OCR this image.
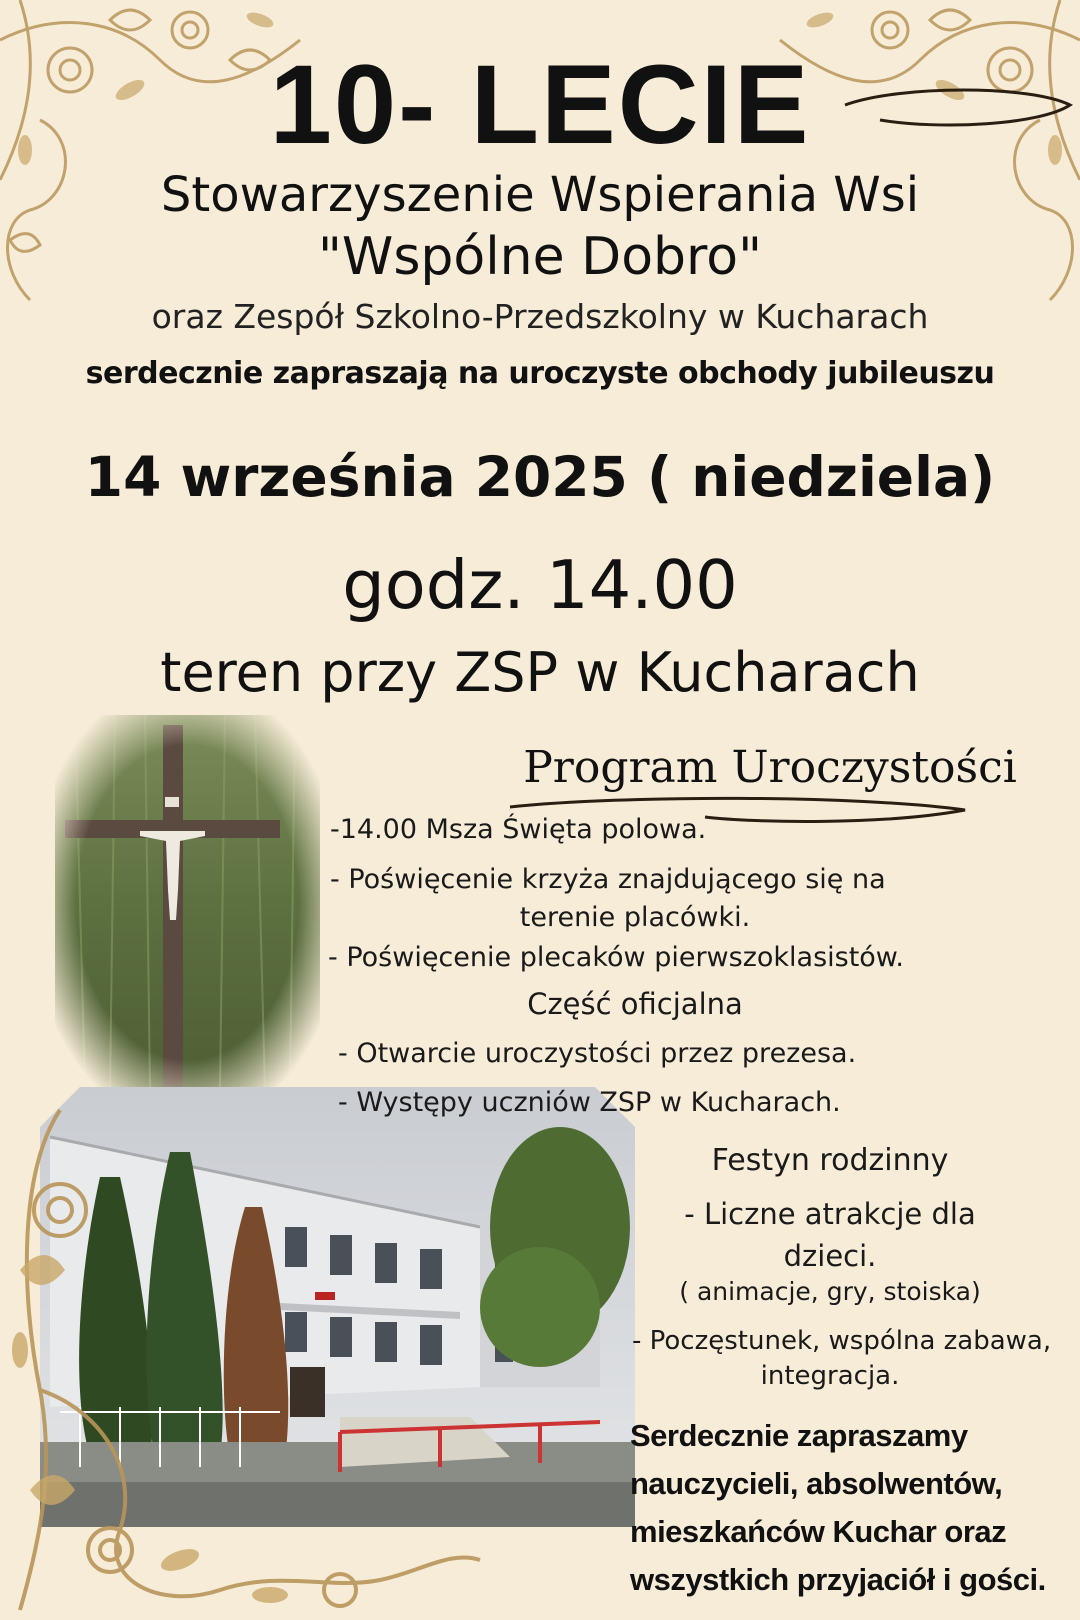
10- LECIE
Stowarzyszenie Wspierania Wsi
"Wspólne Dobro"
oraz Zespół Szkolno-Przedszkolny w Kucharach
serdecznie zapraszają na uroczyste obchody jubileuszu
14 września 2025 ( niedziela)
godz. 14.00
teren przy ZSP w Kucharach
Program Uroczystości
-14.00 Msza Święta polowa.
- Poświęcenie krzyża znajdującego się na
terenie placówki.
- Poświęcenie plecaków pierwszoklasistów.
Część oficjalna
- Otwarcie uroczystości przez prezesa.
- Występy uczniów ZSP w Kucharach.
Festyn rodzinny
- Liczne atrakcje dla
dzieci.
( animacje, gry, stoiska)
- Poczęstunek, wspólna zabawa,
integracja.
Serdecznie zapraszamy
nauczycieli, absolwentów,
mieszkańców Kuchar oraz
wszystkich przyjaciół i gości.
